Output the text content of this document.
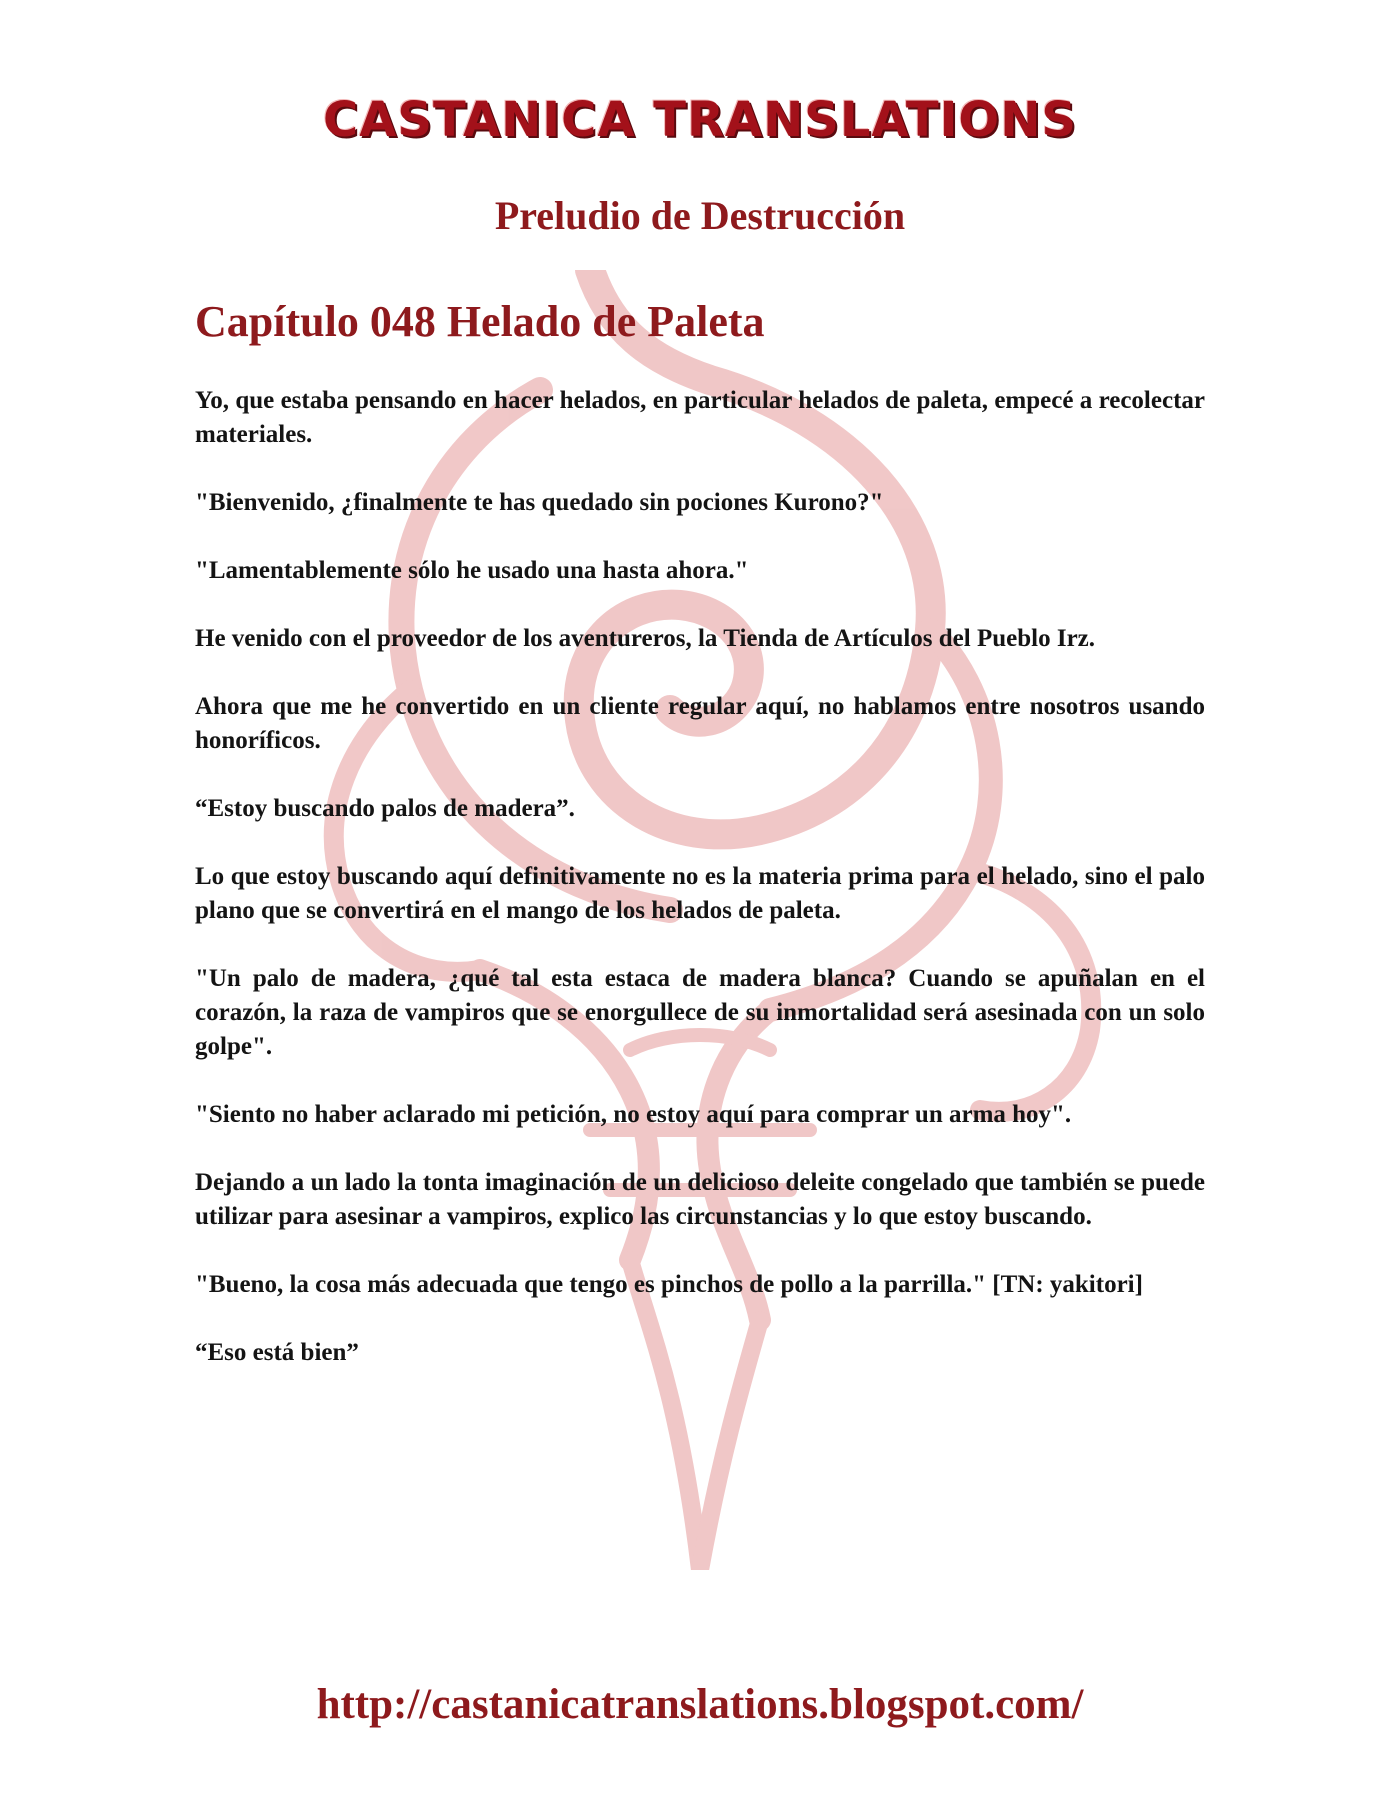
CASTANICA TRANSLATIONS
Preludio de Destrucción
Capítulo 048 Helado de Paleta

Yo, que estaba pensando en hacer helados, en particular helados de paleta, empecé a recolectar materiales.

"Bienvenido, ¿finalmente te has quedado sin pociones Kurono?"

"Lamentablemente sólo he usado una hasta ahora."

He venido con el proveedor de los aventureros, la Tienda de Artículos del Pueblo Irz.

Ahora que me he convertido en un cliente regular aquí, no hablamos entre nosotros usando honoríficos.

“Estoy buscando palos de madera”.

Lo que estoy buscando aquí definitivamente no es la materia prima para el helado, sino el palo plano que se convertirá en el mango de los helados de paleta.

"Un palo de madera, ¿qué tal esta estaca de madera blanca? Cuando se apuñalan en el corazón, la raza de vampiros que se enorgullece de su inmortalidad será asesinada con un solo golpe".

"Siento no haber aclarado mi petición, no estoy aquí para comprar un arma hoy".

Dejando a un lado la tonta imaginación de un delicioso deleite congelado que también se puede utilizar para asesinar a vampiros, explico las circunstancias y lo que estoy buscando.

"Bueno, la cosa más adecuada que tengo es pinchos de pollo a la parrilla." [TN: yakitori]

“Eso está bien”

http://castanicatranslations.blogspot.com/
